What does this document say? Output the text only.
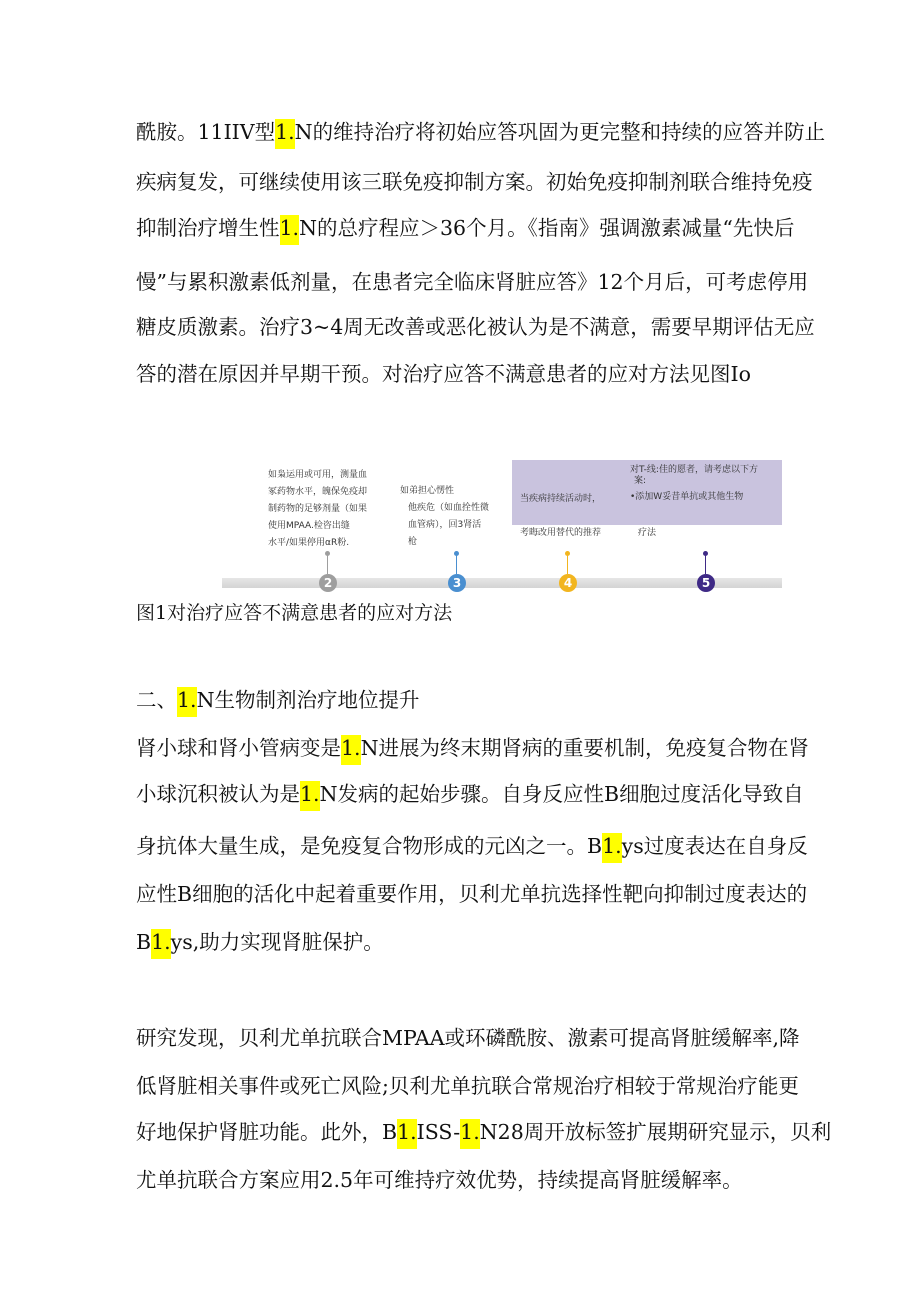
酰胺。11IIV型1.N的维持治疗将初始应答巩固为更完整和持续的应答并防止
疾病复发，可继续使用该三联免疫抑制方案。初始免疫抑制剂联合维持免疫
抑制治疗增生性1.N的总疗程应＞36个月。《指南》强调激素减量“先快后
慢”与累积激素低剂量，在患者完全临床肾脏应答》12个月后，可考虑停用
糖皮质激素。治疗3~4周无改善或恶化被认为是不满意，需要早期评估无应
答的潜在原因并早期干预。对治疗应答不满意患者的应对方法见图Io
如枭运用或可用，测量血
冢药物水平，魄保免疫却
制药物的足够剂量（如果
使用MPAA.检咨出缝
水平/如果停用αR粉.
如弟担心愣性
他疾危（如血拴性微
血管病），回3肾活
枪
当疾病持续活动时，
考晦改用替代的推荐
对T-线:佳的愿者，请考虑以下方
案:
•添加W妥昔单抗或其他生物
疗法
2	3	4	5
图1对治疗应答不满意患者的应对方法
二、1.N生物制剂治疗地位提升
肾小球和肾小管病变是1.N进展为终末期肾病的重要机制，免疫复合物在肾
小球沉积被认为是1.N发病的起始步骤。自身反应性B细胞过度活化导致自
身抗体大量生成，是免疫复合物形成的元凶之一。B1.ys过度表达在自身反
应性B细胞的活化中起着重要作用，贝利尤单抗选择性靶向抑制过度表达的
B1.ys,助力实现肾脏保护。
研究发现，贝利尤单抗联合MPAA或环磷酰胺、激素可提高肾脏缓解率,降
低肾脏相关事件或死亡风险;贝利尤单抗联合常规治疗相较于常规治疗能更
好地保护肾脏功能。此外，B1.ISS-1.N28周开放标签扩展期研究显示，贝利
尤单抗联合方案应用2.5年可维持疗效优势，持续提高肾脏缓解率。
